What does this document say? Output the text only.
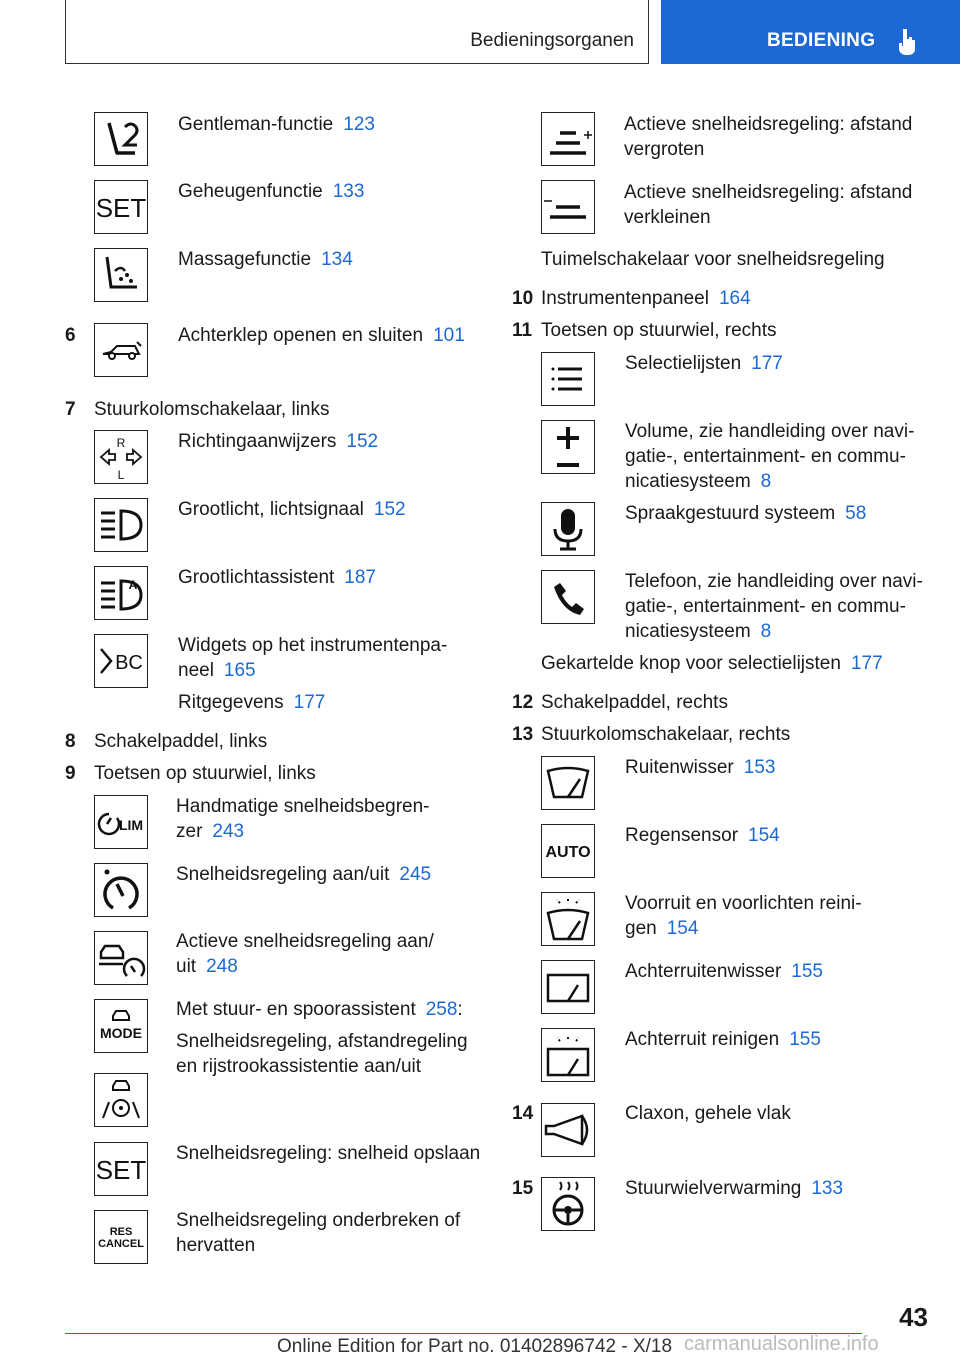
Bedieningsorganen	BEDIENING
Gentleman-functie 123
SET
Geheugenfunctie 133
Massagefunctie 134
6	Achterklep openen en sluiten 101
7 Stuurkolomschakelaar, links
R
L
Richtingaanwijzers 152
Grootlicht, lichtsignaal 152
A Grootlichtassistent 187
BC
Widgets op het instrumentenpa-
neel 165
Ritgegevens 177
8 Schakelpaddel, links
9 Toetsen op stuurwiel, links
LIM
Handmatige snelheidsbegren-
zer 243
Snelheidsregeling aan/uit 245
Actieve snelheidsregeling aan/
uit 248
MODE
Met stuur- en spoorassistent 258:
Snelheidsregeling, afstandregeling
en rijstrookassistentie aan/uit
SET
Snelheidsregeling: snelheid opslaan
RES
CANCEL
Snelheidsregeling onderbreken of
hervatten
Actieve snelheidsregeling: afstand
vergroten
Actieve snelheidsregeling: afstand
verkleinen
Tuimelschakelaar voor snelheidsregeling
10 Instrumentenpaneel 164
11 Toetsen op stuurwiel, rechts
Selectielijsten 177
Volume, zie handleiding over navi-
gatie-, entertainment- en commu-
nicatiesysteem 8
Spraakgestuurd systeem 58
Telefoon, zie handleiding over navi-
gatie-, entertainment- en commu-
nicatiesysteem 8
Gekartelde knop voor selectielijsten 177
12 Schakelpaddel, rechts
13 Stuurkolomschakelaar, rechts
Ruitenwisser 153
AUTO
Regensensor 154
Voorruit en voorlichten reini-
gen 154
Achterruitenwisser 155
Achterruit reinigen 155
14	Claxon, gehele vlak
15	Stuurwielverwarming 133
43
Online Edition for Part no. 01402896742 - X/18 carmanualsonline.info
